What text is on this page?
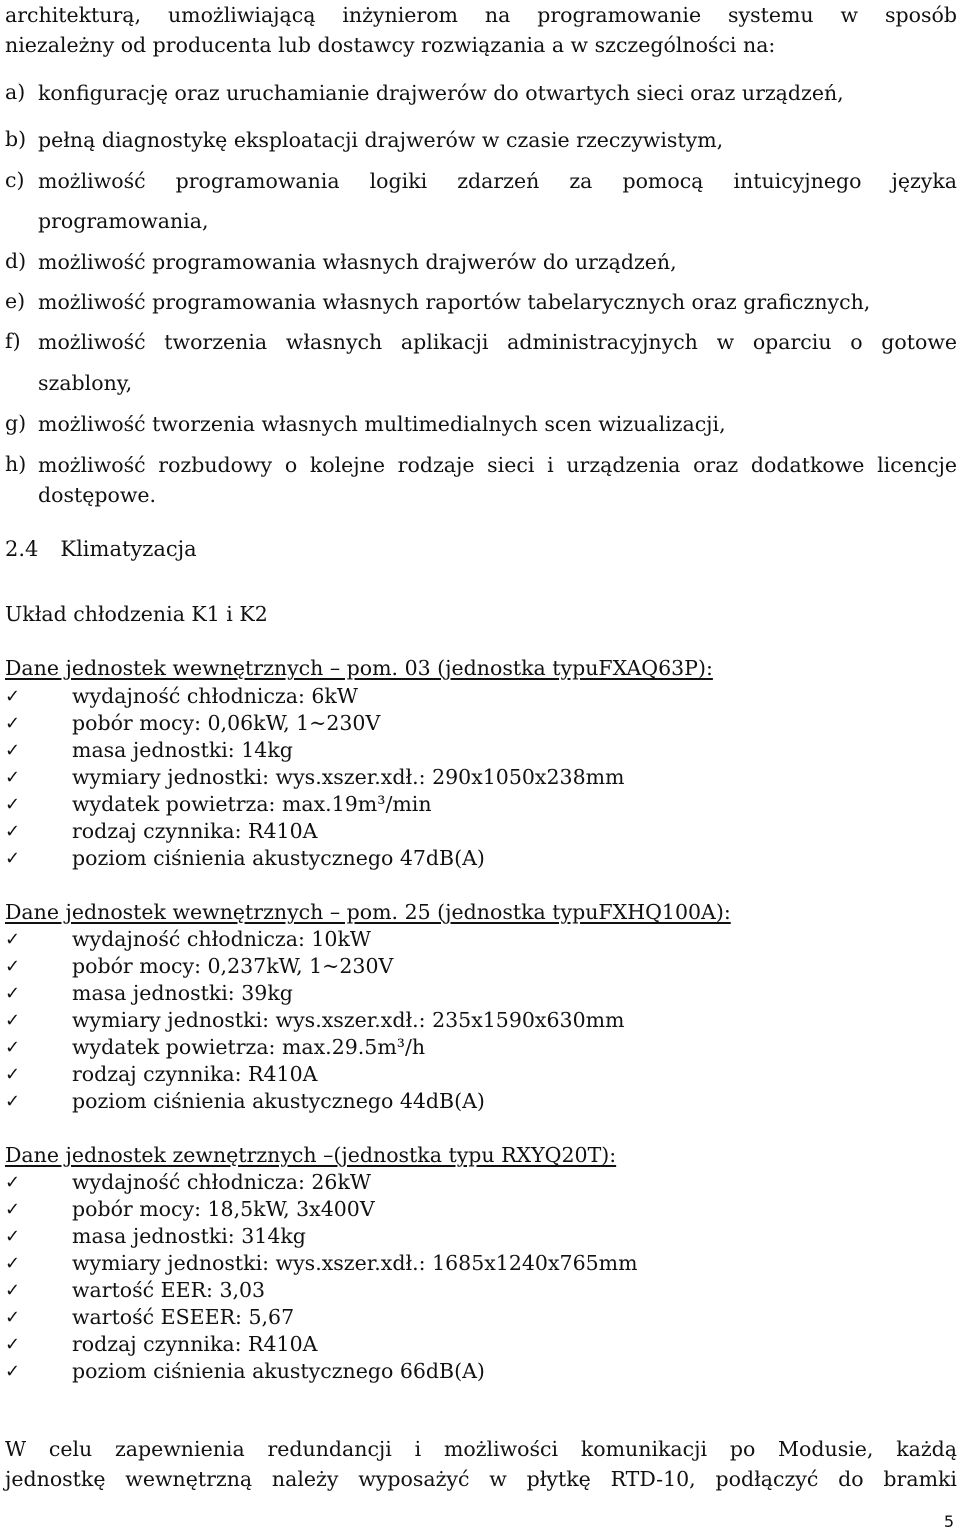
architekturą, umożliwiającą inżynierom na programowanie systemu w sposób
niezależny od producenta lub dostawcy rozwiązania a w szczególności na:
a) konfigurację oraz uruchamianie drajwerów do otwartych sieci oraz urządzeń,
b) pełną diagnostykę eksploatacji drajwerów w czasie rzeczywistym,
c) możliwość programowania logiki zdarzeń za pomocą intuicyjnego języka
programowania,
d) możliwość programowania własnych drajwerów do urządzeń,
e) możliwość programowania własnych raportów tabelarycznych oraz graficznych,
f) możliwość tworzenia własnych aplikacji administracyjnych w oparciu o gotowe
szablony,
g) możliwość tworzenia własnych multimedialnych scen wizualizacji,
h) możliwość rozbudowy o kolejne rodzaje sieci i urządzenia oraz dodatkowe licencje
dostępowe.
2.4 Klimatyzacja
Układ chłodzenia K1 i K2
Dane jednostek wewnętrznych – pom. 03 (jednostka typuFXAQ63P):
✓	wydajność chłodnicza: 6kW
✓	pobór mocy: 0,06kW, 1~230V
✓	masa jednostki: 14kg
✓	wymiary jednostki: wys.xszer.xdł.: 290x1050x238mm
✓	wydatek powietrza: max.19m³/min
✓	rodzaj czynnika: R410A
✓	poziom ciśnienia akustycznego 47dB(A)
Dane jednostek wewnętrznych – pom. 25 (jednostka typuFXHQ100A):
✓	wydajność chłodnicza: 10kW
✓	pobór mocy: 0,237kW, 1~230V
✓	masa jednostki: 39kg
✓	wymiary jednostki: wys.xszer.xdł.: 235x1590x630mm
✓	wydatek powietrza: max.29.5m³/h
✓	rodzaj czynnika: R410A
✓	poziom ciśnienia akustycznego 44dB(A)
Dane jednostek zewnętrznych –(jednostka typu RXYQ20T):
✓	wydajność chłodnicza: 26kW
✓	pobór mocy: 18,5kW, 3x400V
✓	masa jednostki: 314kg
✓	wymiary jednostki: wys.xszer.xdł.: 1685x1240x765mm
✓	wartość EER: 3,03
✓	wartość ESEER: 5,67
✓	rodzaj czynnika: R410A
✓	poziom ciśnienia akustycznego 66dB(A)
W celu zapewnienia redundancji i możliwości komunikacji po Modusie, każdą
jednostkę wewnętrzną należy wyposażyć w płytkę RTD-10, podłączyć do bramki
5
